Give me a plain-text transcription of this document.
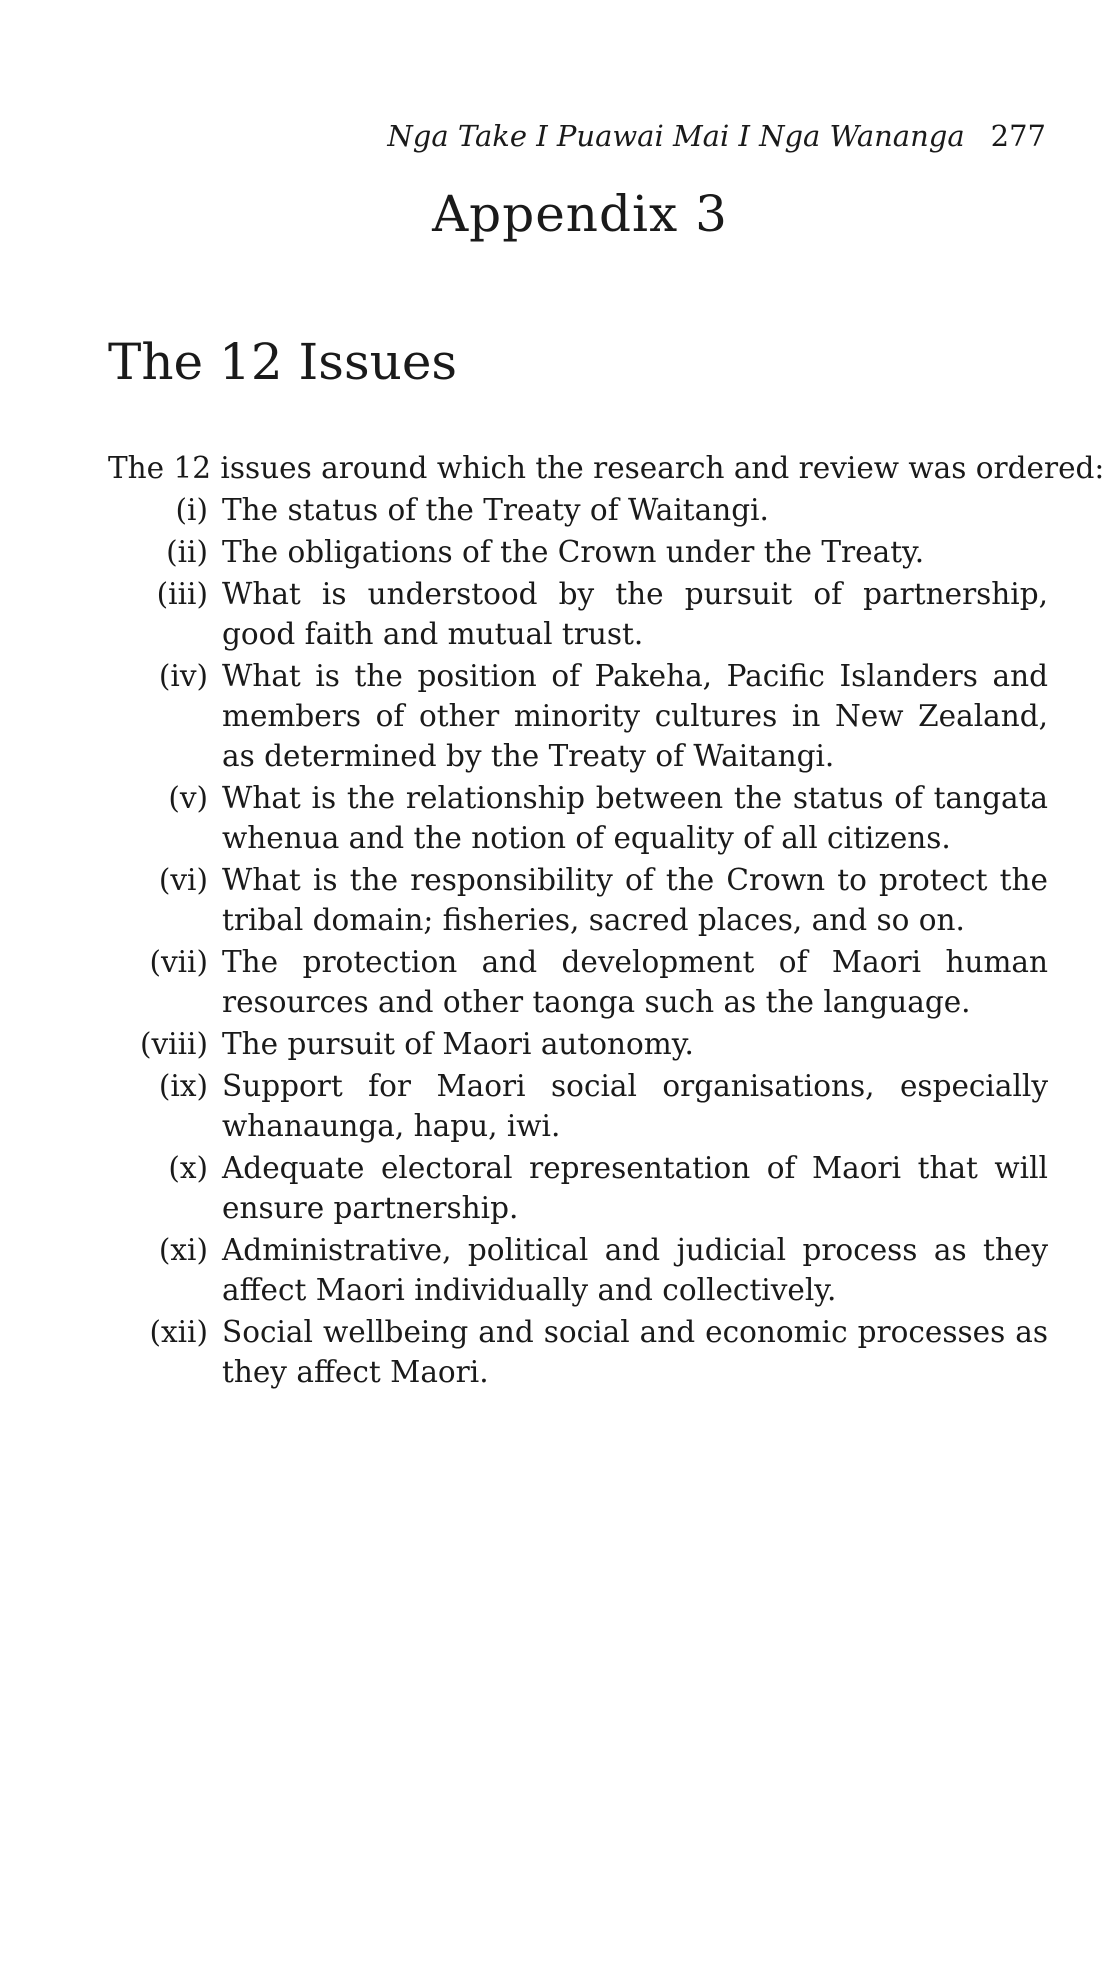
Nga Take I Puawai Mai I Nga Wananga 277
Appendix 3
The 12 Issues
The 12 issues around which the research and review was ordered:
(i) The status of the Treaty of Waitangi.
(ii) The obligations of the Crown under the Treaty.
(iii) What is understood by the pursuit of partnership, good faith and mutual trust.
(iv) What is the position of Pakeha, Pacific Islanders and members of other minority cultures in New Zealand, as determined by the Treaty of Waitangi.
(v) What is the relationship between the status of tangata whenua and the notion of equality of all citizens.
(vi) What is the responsibility of the Crown to protect the tribal domain; fisheries, sacred places, and so on.
(vii) The protection and development of Maori human resources and other taonga such as the language.
(viii) The pursuit of Maori autonomy.
(ix) Support for Maori social organisations, especially whanaunga, hapu, iwi.
(x) Adequate electoral representation of Maori that will ensure partnership.
(xi) Administrative, political and judicial process as they affect Maori individually and collectively.
(xii) Social wellbeing and social and economic processes as they affect Maori.
